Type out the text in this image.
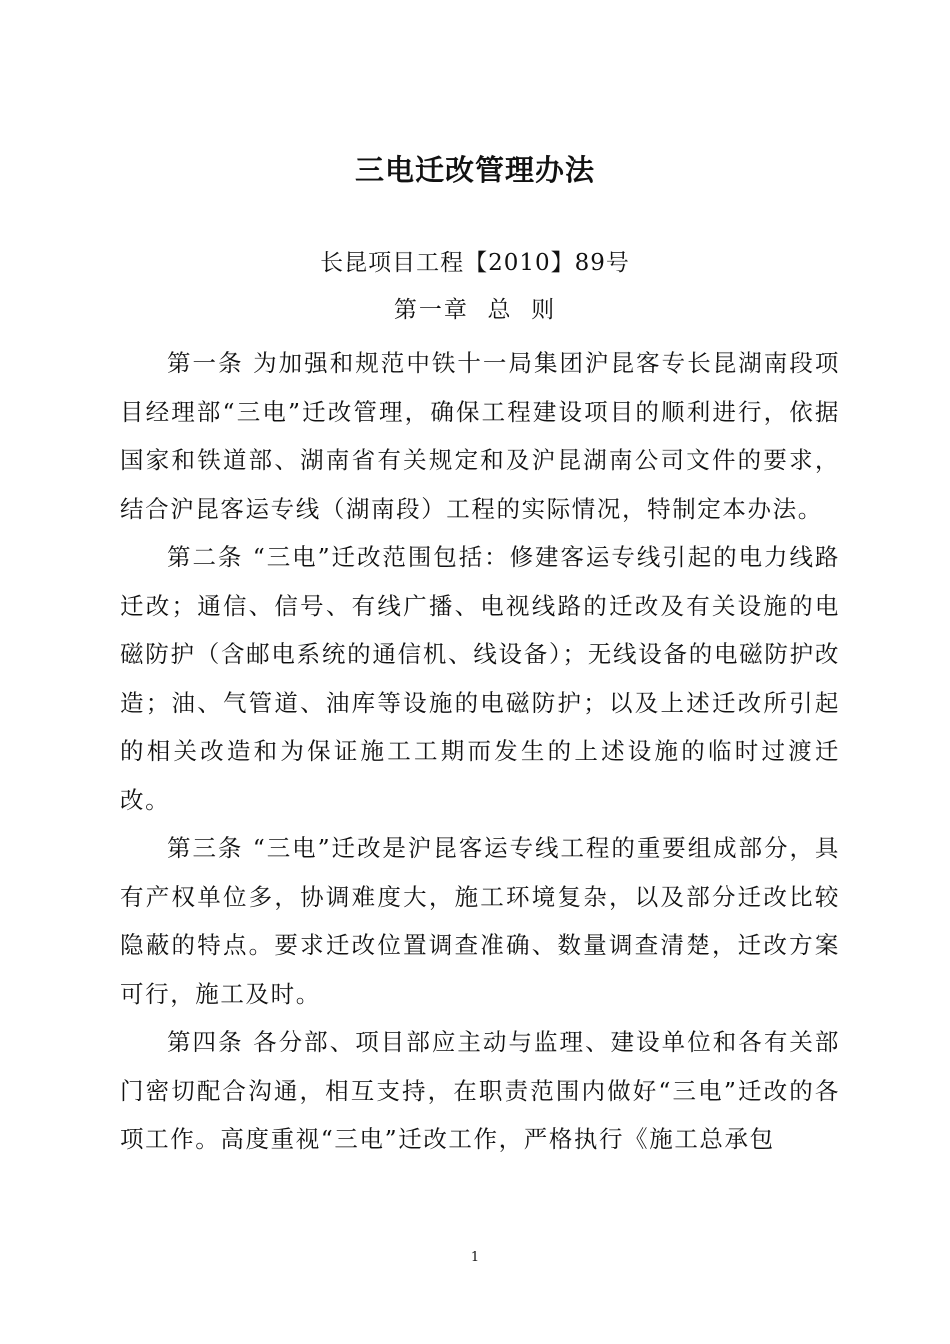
三电迁改管理办法
长昆项目工程【2010】89号
第一章  总  则

第一条 为加强和规范中铁十一局集团沪昆客专长昆湖南段项目经理部“三电”迁改管理，确保工程建设项目的顺利进行，依据国家和铁道部、湖南省有关规定和及沪昆湖南公司文件的要求，结合沪昆客运专线（湖南段）工程的实际情况，特制定本办法。

第二条 “三电”迁改范围包括：修建客运专线引起的电力线路迁改；通信、信号、有线广播、电视线路的迁改及有关设施的电磁防护（含邮电系统的通信机、线设备）；无线设备的电磁防护改造；油、气管道、油库等设施的电磁防护；以及上述迁改所引起的相关改造和为保证施工工期而发生的上述设施的临时过渡迁改。

第三条 “三电”迁改是沪昆客运专线工程的重要组成部分，具有产权单位多，协调难度大，施工环境复杂，以及部分迁改比较隐蔽的特点。要求迁改位置调查准确、数量调查清楚，迁改方案可行，施工及时。

第四条 各分部、项目部应主动与监理、建设单位和各有关部门密切配合沟通，相互支持，在职责范围内做好“三电”迁改的各项工作。高度重视“三电”迁改工作，严格执行《施工总承包

1
